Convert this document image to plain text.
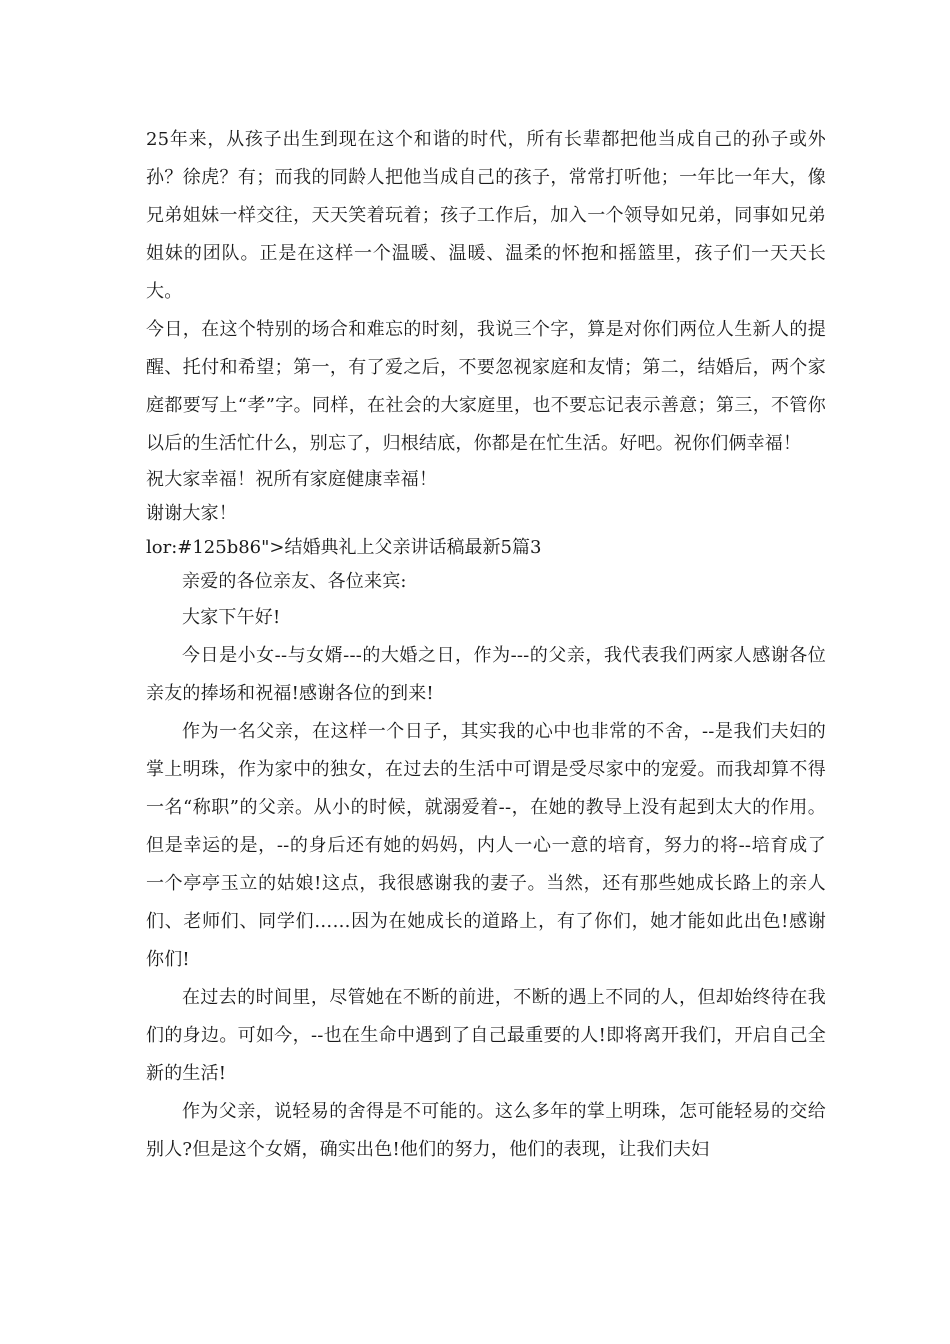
25年来，从孩子出生到现在这个和谐的时代，所有长辈都把他当成自己的孙子或外孙？徐虎？有；而我的同龄人把他当成自己的孩子，常常打听他；一年比一年大，像兄弟姐妹一样交往，天天笑着玩着；孩子工作后，加入一个领导如兄弟，同事如兄弟姐妹的团队。正是在这样一个温暖、温暖、温柔的怀抱和摇篮里，孩子们一天天长大。

今日，在这个特别的场合和难忘的时刻，我说三个字，算是对你们两位人生新人的提醒、托付和希望；第一，有了爱之后，不要忽视家庭和友情；第二，结婚后，两个家庭都要写上“孝”字。同样，在社会的大家庭里，也不要忘记表示善意；第三，不管你以后的生活忙什么，别忘了，归根结底，你都是在忙生活。好吧。祝你们俩幸福！

祝大家幸福！祝所有家庭健康幸福！

谢谢大家！

lor:#125b86">结婚典礼上父亲讲话稿最新5篇3

亲爱的各位亲友、各位来宾:

大家下午好!

今日是小女--与女婿---的大婚之日，作为---的父亲，我代表我们两家人感谢各位亲友的捧场和祝福!感谢各位的到来!

作为一名父亲，在这样一个日子，其实我的心中也非常的不舍，--是我们夫妇的掌上明珠，作为家中的独女，在过去的生活中可谓是受尽家中的宠爱。而我却算不得一名“称职”的父亲。从小的时候，就溺爱着--，在她的教导上没有起到太大的作用。但是幸运的是，--的身后还有她的妈妈，内人一心一意的培育，努力的将--培育成了一个亭亭玉立的姑娘!这点，我很感谢我的妻子。当然，还有那些她成长路上的亲人们、老师们、同学们……因为在她成长的道路上，有了你们，她才能如此出色!感谢你们!

在过去的时间里，尽管她在不断的前进，不断的遇上不同的人，但却始终待在我们的身边。可如今，--也在生命中遇到了自己最重要的人!即将离开我们，开启自己全新的生活!

作为父亲，说轻易的舍得是不可能的。这么多年的掌上明珠，怎可能轻易的交给别人?但是这个女婿，确实出色!他们的努力，他们的表现，让我们夫妇
